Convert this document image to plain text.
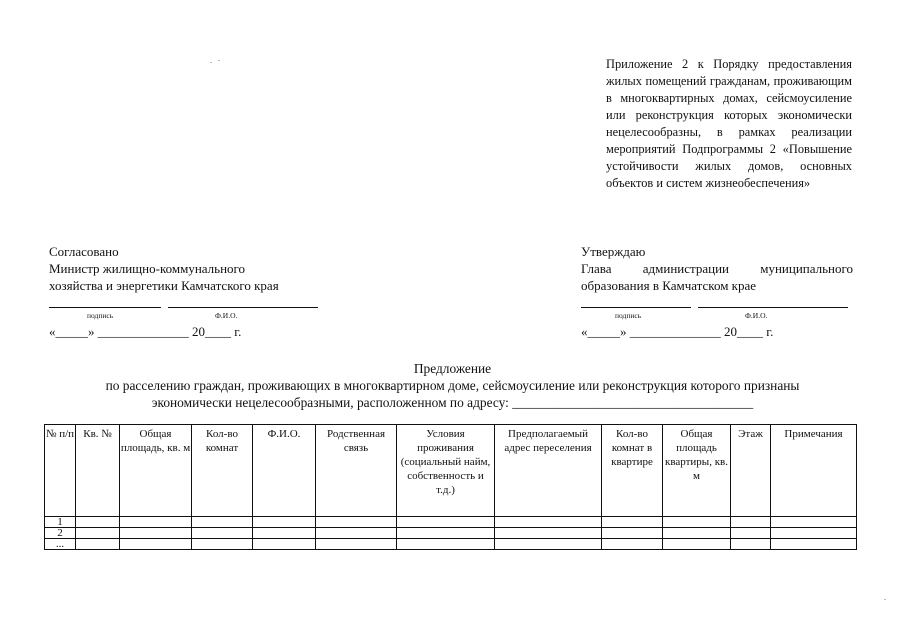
Приложение 2 к Порядку предоставления жилых помещений гражданам, проживающим в многоквартирных домах, сейсмоусиление или реконструкция которых экономически нецелесообразны, в рамках реализации мероприятий Подпрограммы 2 «Повышение устойчивости жилых домов, основных объектов и систем жизнеобеспечения»
Согласовано
Министр жилищно-коммунального
хозяйства и энергетики Камчатского края
подпись	Ф.И.О.
«_____» ______________ 20____ г.
Утверждаю
Глава администрации муниципального
образования в Камчатском крае
подпись	Ф.И.О.
«_____» ______________ 20____ г.
Предложение
по расселению граждан, проживающих в многоквартирном доме, сейсмоусиление или реконструкция которого признаны
экономически нецелесообразными, расположенном по адресу: ____________________________________
№ п/п	Кв. №	Общая площадь, кв. м	Кол-во комнат	Ф.И.О.	Родственная связь	Условия проживания (социальный найм, собственность и т.д.)	Предполагаемый адрес переселения	Кол-во комнат в квартире	Общая площадь квартиры, кв. м	Этаж	Примечания
1											
2											
...											
